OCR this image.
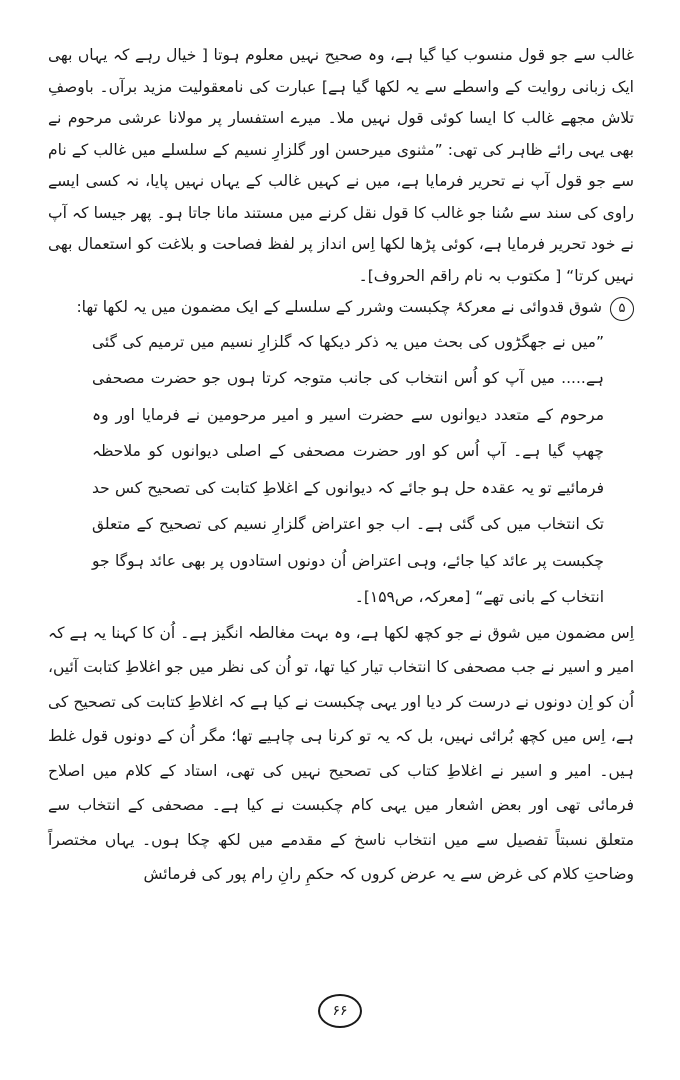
غالب سے جو قول منسوب کیا گیا ہے، وہ صحیح نہیں معلوم ہوتا [ خیال رہے کہ یہاں بھی ایک زبانی روایت کے واسطے سے یہ لکھا گیا ہے] عبارت کی نامعقولیت مزید برآں۔ باوصفِ تلاش مجھے غالب کا ایسا کوئی قول نہیں ملا۔ میرے استفسار پر مولانا عرشی مرحوم نے بھی یہی رائے ظاہر کی تھی: ”مثنوی میرحسن اور گلزارِ نسیم کے سلسلے میں غالب کے نام سے جو قول آپ نے تحریر فرمایا ہے، میں نے کہیں غالب کے یہاں نہیں پایا، نہ کسی ایسے راوی کی سند سے سُنا جو غالب کا قول نقل کرنے میں مستند مانا جاتا ہو۔ پھر جیسا کہ آپ نے خود تحریر فرمایا ہے، کوئی پڑھا لکھا اِس انداز پر لفظ فصاحت و بلاغت کو استعمال بھی نہیں کرتا“ [ مکتوب بہ نام راقم الحروف]۔

۵شوق قدوائی نے معرکۂ چکبست وشرر کے سلسلے کے ایک مضمون میں یہ لکھا تھا:

”میں نے جھگڑوں کی بحث میں یہ ذکر دیکھا کہ گلزارِ نسیم میں ترمیم کی گئی ہے..... میں آپ کو اُس انتخاب کی جانب متوجہ کرتا ہوں جو حضرت مصحفی مرحوم کے متعدد دیوانوں سے حضرت اسیر و امیر مرحومین نے فرمایا اور وہ چھپ گیا ہے۔ آپ اُس کو اور حضرت مصحفی کے اصلی دیوانوں کو ملاحظہ فرمائیے تو یہ عقدہ حل ہو جائے کہ دیوانوں کے اغلاطِ کتابت کی تصحیح کس حد تک انتخاب میں کی گئی ہے۔ اب جو اعتراض گلزارِ نسیم کی تصحیح کے متعلق چکبست پر عائد کیا جائے، وہی اعتراض اُن دونوں استادوں پر بھی عائد ہوگا جو انتخاب کے بانی تھے“ [معرکہ، ص۱۵۹]۔

اِس مضمون میں شوق نے جو کچھ لکھا ہے، وہ بہت مغالطہ انگیز ہے۔ اُن کا کہنا یہ ہے کہ امیر و اسیر نے جب مصحفی کا انتخاب تیار کیا تھا، تو اُن کی نظر میں جو اغلاطِ کتابت آئیں، اُن کو اِن دونوں نے درست کر دیا اور یہی چکبست نے کیا ہے کہ اغلاطِ کتابت کی تصحیح کی ہے، اِس میں کچھ بُرائی نہیں، بل کہ یہ تو کرنا ہی چاہیے تھا؛ مگر اُن کے دونوں قول غلط ہیں۔ امیر و اسیر نے اغلاطِ کتاب کی تصحیح نہیں کی تھی، استاد کے کلام میں اصلاح فرمائی تھی اور بعض اشعار میں یہی کام چکبست نے کیا ہے۔ مصحفی کے انتخاب سے متعلق نسبتاً تفصیل سے میں انتخاب ناسخ کے مقدمے میں لکھ چکا ہوں۔ یہاں مختصراً وضاحتِ کلام کی غرض سے یہ عرض کروں کہ حکمِ رانِ رام پور کی فرمائش

۶۶
